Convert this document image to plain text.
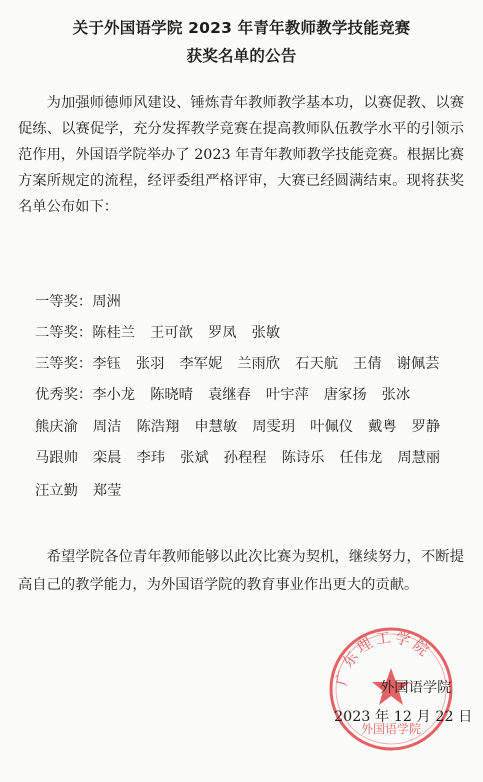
关于外国语学院 2023 年青年教师教学技能竞赛
获奖名单的公告

为加强师德师风建设、锤炼青年教师教学基本功，以赛促教、以赛促练、以赛促学，充分发挥教学竞赛在提高教师队伍教学水平的引领示范作用，外国语学院举办了 2023 年青年教师教学技能竞赛。根据比赛方案所规定的流程，经评委组严格评审，大赛已经圆满结束。现将获奖名单公布如下：

一等奖：周洲
二等奖：陈桂兰 王可歆 罗凤 张敏
三等奖：李钰 张羽 李军妮 兰雨欣 石天航 王倩 谢佩芸
优秀奖：李小龙 陈晓晴 袁继春 叶宇萍 唐家扬 张冰
熊庆渝 周洁 陈浩翔 申慧敏 周雯玥 叶佩仪 戴粤 罗静
马跟帅 栾晨 李玮 张斌 孙程程 陈诗乐 任伟龙 周慧丽
汪立勤 郑莹

希望学院各位青年教师能够以此次比赛为契机，继续努力，不断提高自己的教学能力，为外国语学院的教育事业作出更大的贡献。

广东理工学院
外国语学院
外国语学院
2023 年 12 月 22 日
